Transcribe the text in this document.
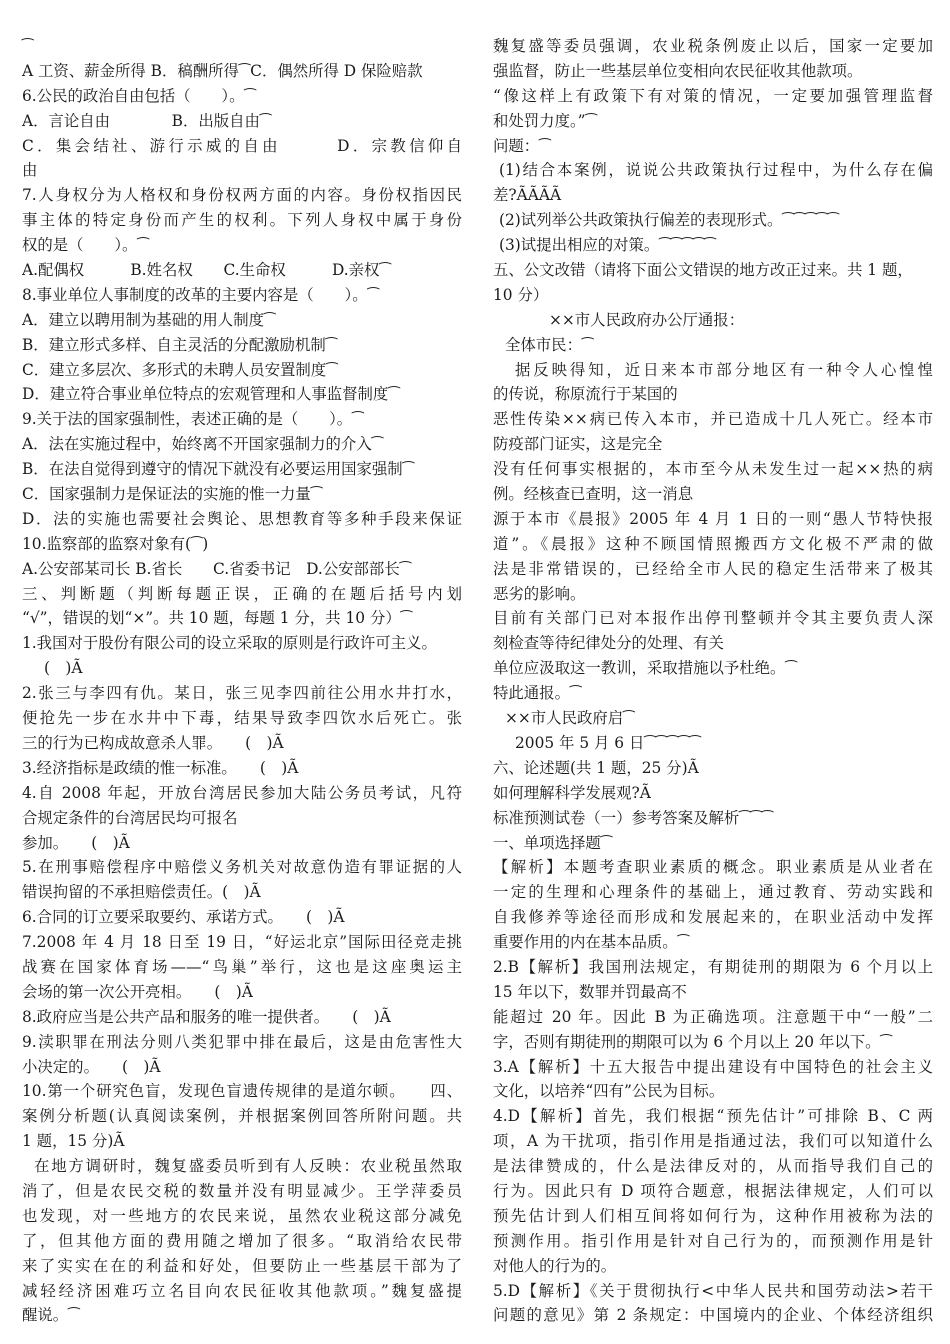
⁀
A 工资、薪金所得 B．稿酬所得⁀C．偶然所得 D 保险赔款
6.公民的政治自由包括（　　）。⁀
A．言论自由　　　　B．出版自由⁀
C．集会结社、游行示威的自由　　　D．宗教信仰自
由
7.人身权分为人格权和身份权两方面的内容。身份权指因民
事主体的特定身份而产生的权利。下列人身权中属于身份
权的是（　　）。⁀
A.配偶权　　　B.姓名权　　C.生命权　　　D.亲权⁀
8.事业单位人事制度的改革的主要内容是（　　）。⁀
A．建立以聘用制为基础的用人制度⁀
B．建立形式多样、自主灵活的分配激励机制⁀
C．建立多层次、多形式的未聘人员安置制度⁀
D．建立符合事业单位特点的宏观管理和人事监督制度⁀
9.关于法的国家强制性，表述正确的是（　　）。⁀
A．法在实施过程中，始终离不开国家强制力的介入⁀
B．在法自觉得到遵守的情况下就没有必要运用国家强制⁀
C．国家强制力是保证法的实施的惟一力量⁀
D．法的实施也需要社会舆论、思想教育等多种手段来保证
10.监察部的监察对象有(⁀)
A.公安部某司长 B.省长　　C.省委书记　D.公安部部长⁀
三、判断题（判断每题正误，正确的在题后括号内划
“√”，错误的划“×”。共 10 题，每题 1 分，共 10 分）⁀
1.我国对于股份有限公司的设立采取的原则是行政许可主义。
(　)Ã
2.张三与李四有仇。某日，张三见李四前往公用水井打水，
便抢先一步在水井中下毒，结果导致李四饮水后死亡。张
三的行为已构成故意杀人罪。　　(　)Ã
3.经济指标是政绩的惟一标准。　　(　)Ã
4.自 2008 年起，开放台湾居民参加大陆公务员考试，凡符
合规定条件的台湾居民均可报名
参加。　　(　)Ã
5.在刑事赔偿程序中赔偿义务机关对故意伪造有罪证据的人
错误拘留的不承担赔偿责任。(　)Ã
6.合同的订立要采取要约、承诺方式。　　(　)Ã
7.2008 年 4 月 18 日至 19 日，“好运北京”国际田径竞走挑
战赛在国家体育场——“鸟巢”举行，这也是这座奥运主
会场的第一次公开亮相。　　(　)Ã
8.政府应当是公共产品和服务的唯一提供者。　　(　)Ã
9.渎职罪在刑法分则八类犯罪中排在最后，这是由危害性大
小决定的。　　(　)Ã
10.第一个研究色盲，发现色盲遗传规律的是道尔顿。　　四、
案例分析题(认真阅读案例，并根据案例回答所附问题。共
1 题，15 分)Ã
在地方调研时，魏复盛委员听到有人反映：农业税虽然取
消了，但是农民交税的数量并没有明显减少。王学萍委员
也发现，对一些地方的农民来说，虽然农业税这部分减免
了，但其他方面的费用随之增加了很多。“取消给农民带
来了实实在在的利益和好处，但要防止一些基层干部为了
减轻经济困难巧立名目向农民征收其他款项。”魏复盛提
醒说。⁀
魏复盛等委员强调，农业税条例废止以后，国家一定要加
强监督，防止一些基层单位变相向农民征收其他款项。
“像这样上有政策下有对策的情况，一定要加强管理监督
和处罚力度。”⁀
问题：⁀
(1)结合本案例，说说公共政策执行过程中，为什么存在偏
差?ÃÃÃÃ
(2)试列举公共政策执行偏差的表现形式。⁀⁀⁀⁀⁀
(3)试提出相应的对策。⁀⁀⁀⁀⁀
五、公文改错（请将下面公文错误的地方改正过来。共 1 题，
10 分）
××市人民政府办公厅通报：
全体市民：⁀
据反映得知，近日来本市部分地区有一种令人心惶惶
的传说，称原流行于某国的
恶性传染××病已传入本市，并已造成十几人死亡。经本市
防疫部门证实，这是完全
没有任何事实根据的，本市至今从未发生过一起××热的病
例。经核查已查明，这一消息
源于本市《晨报》2005 年 4 月 1 日的一则“愚人节特快报
道”。《晨报》这种不顾国情照搬西方文化极不严肃的做
法是非常错误的，已经给全市人民的稳定生活带来了极其
恶劣的影响。
目前有关部门已对本报作出停刊整顿并令其主要负责人深
刻检查等待纪律处分的处理、有关
单位应汲取这一教训，采取措施以予杜绝。⁀
特此通报。⁀
××市人民政府启⁀
2005 年 5 月 6 日⁀⁀⁀⁀⁀
六、论述题(共 1 题，25 分)Ã
如何理解科学发展观?Ã
标准预测试卷（一）参考答案及解析⁀⁀⁀
一、单项选择题⁀
【解析】本题考查职业素质的概念。职业素质是从业者在
一定的生理和心理条件的基础上，通过教育、劳动实践和
自我修养等途径而形成和发展起来的，在职业活动中发挥
重要作用的内在基本品质。⁀
2.B【解析】我国刑法规定，有期徒刑的期限为 6 个月以上
15 年以下，数罪并罚最高不
能超过 20 年。因此 B 为正确选项。注意题干中“一般”二
字，否则有期徒刑的期限可以为 6 个月以上 20 年以下。⁀
3.A【解析】十五大报告中提出建设有中国特色的社会主义
文化，以培养“四有”公民为目标。
4.D【解析】首先，我们根据“预先估计”可排除 B、C 两
项，A 为干扰项，指引作用是指通过法，我们可以知道什么
是法律赞成的，什么是法律反对的，从而指导我们自己的
行为。因此只有 D 项符合题意，根据法律规定，人们可以
预先估计到人们相互间将如何行为，这种作用被称为法的
预测作用。指引作用是针对自己行为的，而预测作用是针
对他人的行为的。
5.D【解析】《关于贯彻执行<中华人民共和国劳动法>若干
问题的意见》第 2 条规定：中国境内的企业、个体经济组织
